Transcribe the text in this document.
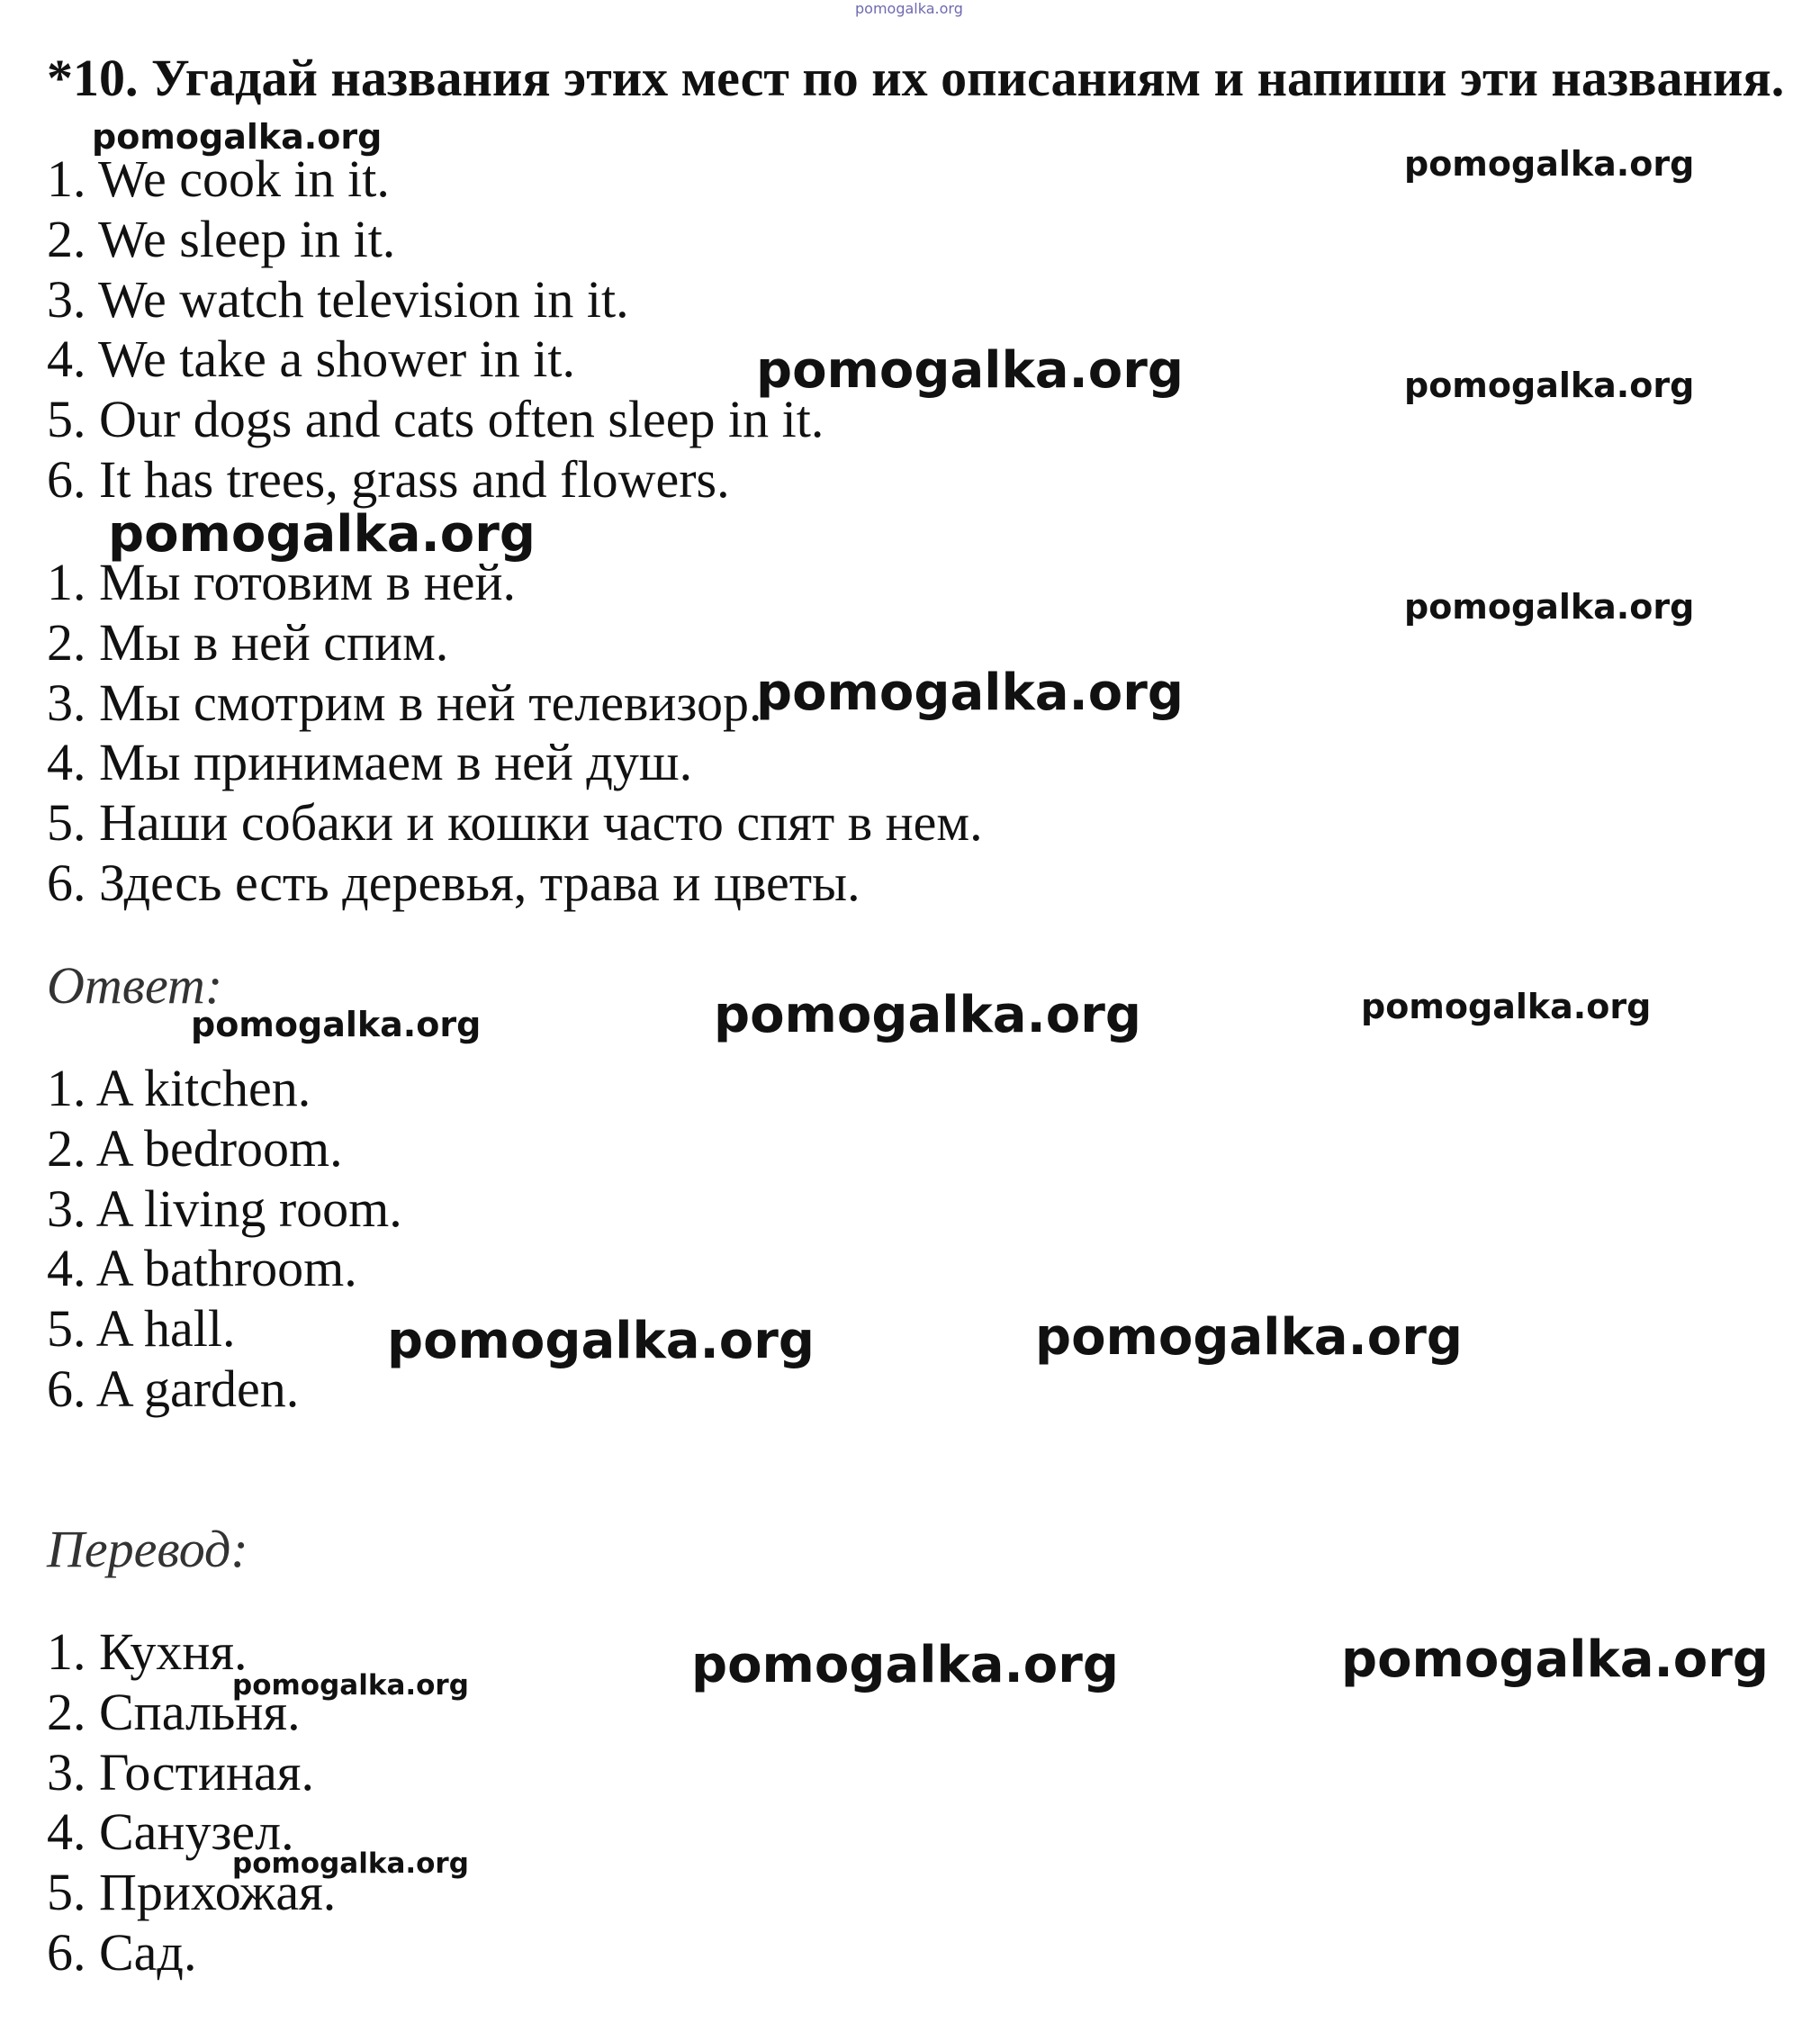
*10. Угадай названия этих мест по их описаниям и напиши эти названия.
1. We cook in it.
2. We sleep in it.
3. We watch television in it.
4. We take a shower in it.
5. Our dogs and cats often sleep in it.
6. It has trees, grass and flowers.
1. Мы готовим в ней.
2. Мы в ней спим.
3. Мы смотрим в ней телевизор.
4. Мы принимаем в ней душ.
5. Наши собаки и кошки часто спят в нем.
6. Здесь есть деревья, трава и цветы.
Ответ:
1. A kitchen.
2. A bedroom.
3. A living room.
4. A bathroom.
5. A hall.
6. A garden.
Перевод:
1. Кухня.
2. Спальня.
3. Гостиная.
4. Санузел.
5. Прихожая.
6. Сад.
pomogalka.org
pomogalka.org
pomogalka.org
pomogalka.org	pomogalka.org
pomogalka.org
pomogalka.org
pomogalka.org
pomogalka.org
pomogalka.org	pomogalka.org
pomogalka.org	pomogalka.org
pomogalka.org	pomogalka.org
pomogalka.org
pomogalka.org
